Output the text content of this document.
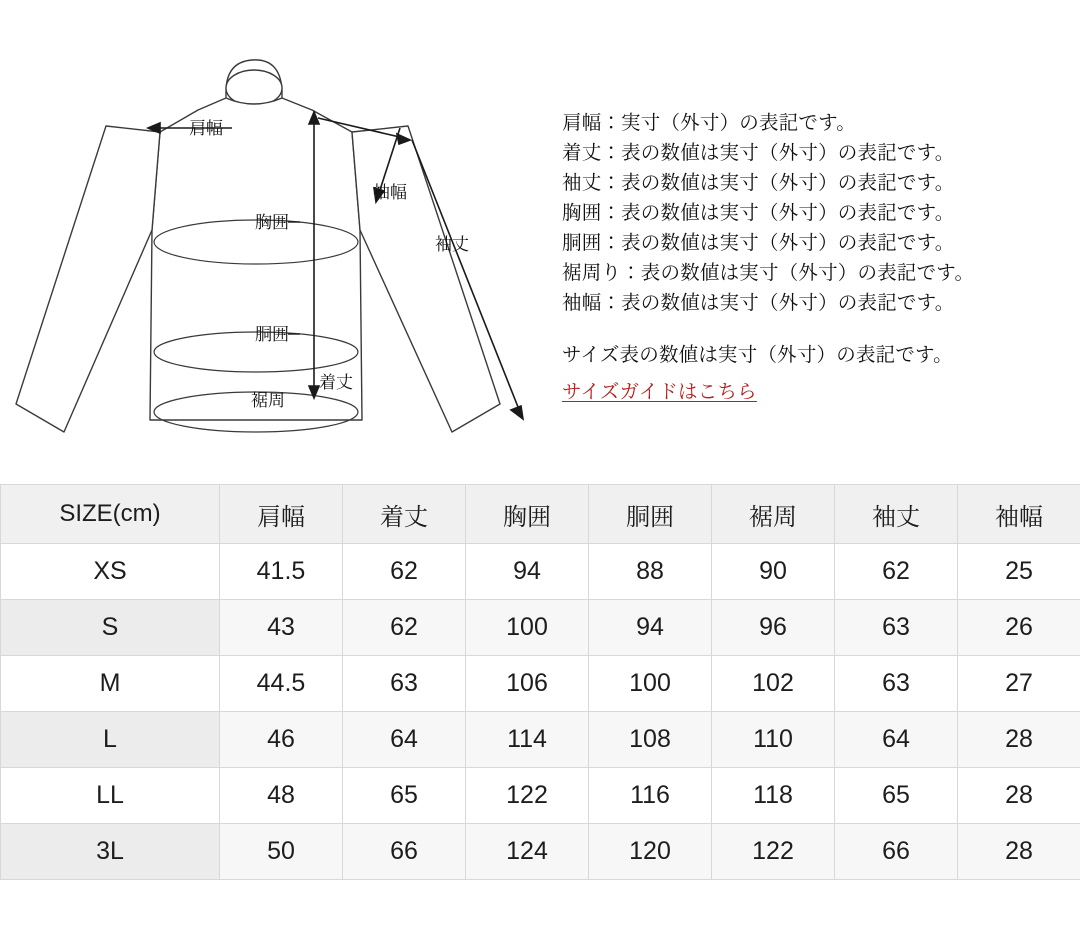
肩幅
袖幅
胸囲
袖丈
胴囲
裾周
着丈
肩幅：実寸（外寸）の表記です。
着丈：表の数値は実寸（外寸）の表記です。
袖丈：表の数値は実寸（外寸）の表記です。
胸囲：表の数値は実寸（外寸）の表記です。
胴囲：表の数値は実寸（外寸）の表記です。
裾周り：表の数値は実寸（外寸）の表記です。
袖幅：表の数値は実寸（外寸）の表記です。
サイズ表の数値は実寸（外寸）の表記です。
サイズガイドはこちら
SIZE(cm)	肩幅	着丈	胸囲	胴囲	裾周	袖丈	袖幅
XS	41.5	62	94	88	90	62	25
S	43	62	100	94	96	63	26
M	44.5	63	106	100	102	63	27
L	46	64	114	108	110	64	28
LL	48	65	122	116	118	65	28
3L	50	66	124	120	122	66	28
